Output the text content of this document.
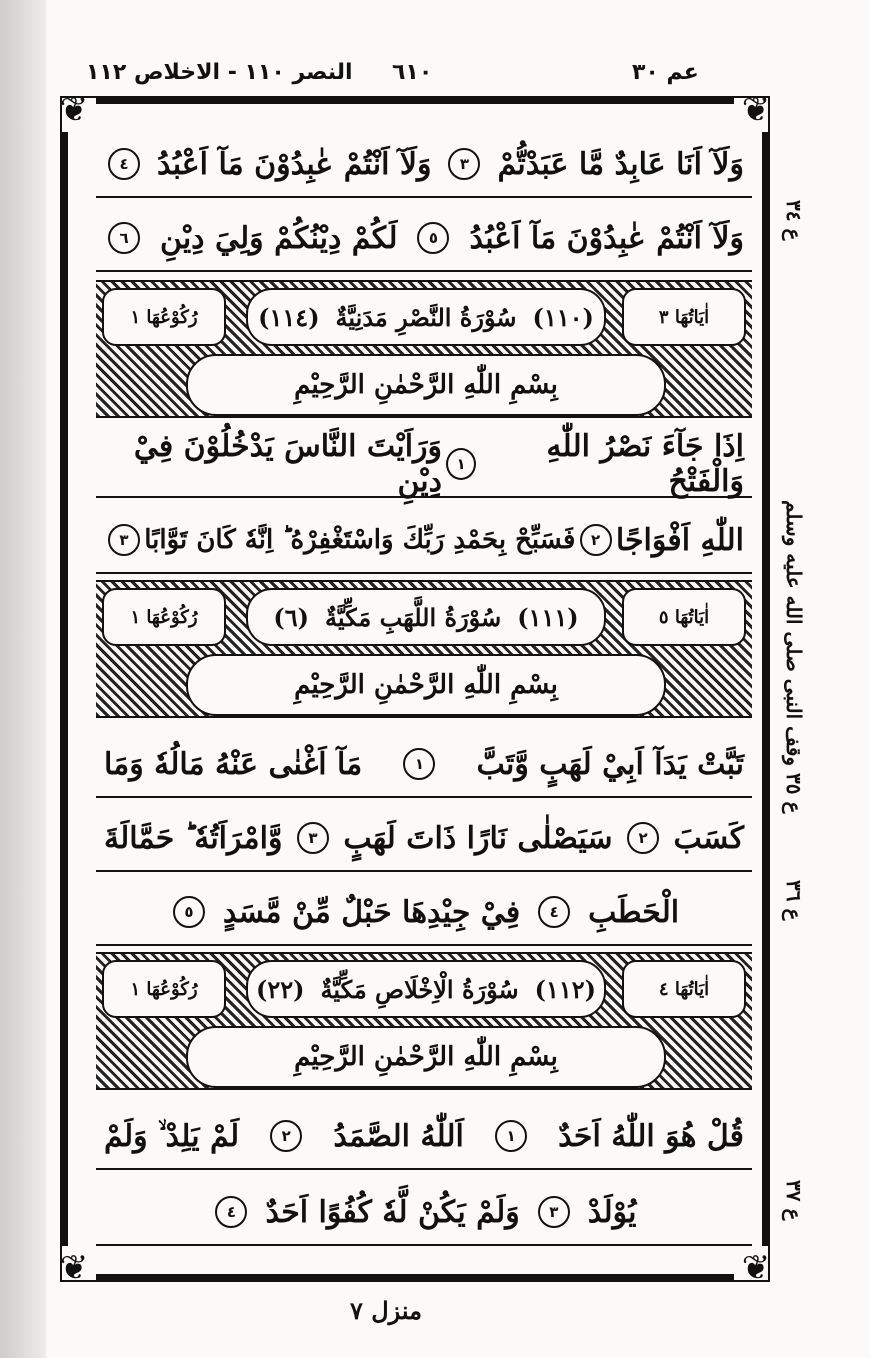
النصر ١١٠ - الاخلاص ١١٢ ٦١٠	عم ٣٠
❦	❦
❦	❦
وَلَآ اَنَا عَابِدٌ مَّا عَبَدْتُّمْ
٣
وَلَآ اَنْتُمْ عٰبِدُوْنَ مَآ اَعْبُدُ
٤
وَلَآ اَنْتُمْ عٰبِدُوْنَ مَآ اَعْبُدُ
٥
لَكُمْ دِيْنُكُمْ وَلِيَ دِيْنِ
٦
اٰيَاتُهَا ٣
(١١٠)
سُوْرَةُ النَّصْرِ مَدَنِيَّةٌ
(١١٤)
رُكُوْعُهَا ١
بِسْمِ اللّٰهِ الرَّحْمٰنِ الرَّحِيْمِ
اِذَا جَآءَ نَصْرُ اللّٰهِ وَالْفَتْحُ
١
وَرَاَيْتَ النَّاسَ يَدْخُلُوْنَ فِيْ دِيْنِ
اللّٰهِ اَفْوَاجًا
٢
فَسَبِّحْ بِحَمْدِ رَبِّكَ وَاسْتَغْفِرْهُ ؕ اِنَّهٗ كَانَ تَوَّابًا
٣
اٰيَاتُهَا ٥
(١١١)
سُوْرَةُ اللَّهَبِ مَكِّيَّةٌ
(٦)
رُكُوْعُهَا ١
بِسْمِ اللّٰهِ الرَّحْمٰنِ الرَّحِيْمِ
تَبَّتْ يَدَآ اَبِيْ لَهَبٍ وَّتَبَّ
١
مَآ اَغْنٰى عَنْهُ مَالُهٗ وَمَا
كَسَبَ
٢
سَيَصْلٰى نَارًا ذَاتَ لَهَبٍ
٣
وَّامْرَاَتُهٗ ؕ حَمَّالَةَ
الْحَطَبِ
٤
فِيْ جِيْدِهَا حَبْلٌ مِّنْ مَّسَدٍ
٥
اٰيَاتُهَا ٤
(١١٢)
سُوْرَةُ الْاِخْلَاصِ مَكِّيَّةٌ
(٢٢)
رُكُوْعُهَا ١
بِسْمِ اللّٰهِ الرَّحْمٰنِ الرَّحِيْمِ
قُلْ هُوَ اللّٰهُ اَحَدٌ
١
اَللّٰهُ الصَّمَدُ
٢
لَمْ يَلِدْ ۙ وَلَمْ
يُوْلَدْ
٣
وَلَمْ يَكُنْ لَّهٗ كُفُوًا اَحَدٌ
٤
ع ٣٤
ع ٣٥ وقف النبى صلى الله عليه وسلم
ع ٣٦
ع ٣٧
منزل ٧
